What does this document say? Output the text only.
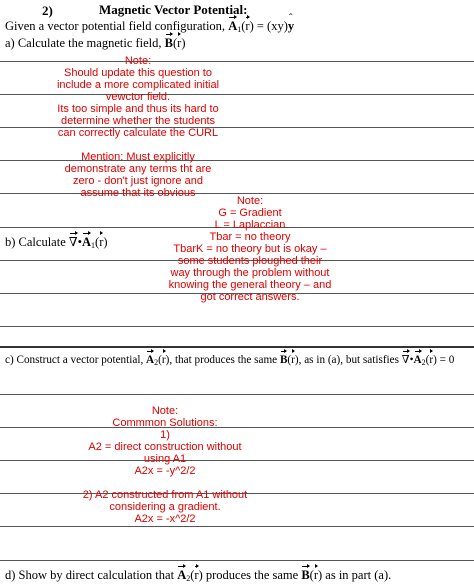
2)	Magnetic Vector Potential:
Given a vector potential field configuration, $A_1(r)$ = (xy)ˆ y
a) Calculate the magnetic field, B(r)
Note:
Should update this question to
include a more complicated initial
vewctor field.
Its too simple and thus its hard to
determine whether the students
can correctly calculate the CURL
Mention: Must explicitly
demonstrate any terms tht are
zero - don't just ignore and
assume that its obvious
b) Calculate $\nabla•A_1(r)$
Note:
G = Gradient
L = Laplaccian
Tbar = no theory
TbarK = no theory but is okay –
some students ploughed their
way through the problem without
knowing the general theory – and
got correct answers.
c) Construct a vector potential, $A_2(r)$, that produces the same B(r), as in (a), but satisfies $\nabla•A_2(r) = 0$
Note:
Commmon Solutions:
1)
A2 = direct construction without
using A1
A2x = -y^2/2
2) A2 constructed from A1 without
considering a gradient.
A2x = -x^2/2
d) Show by direct calculation that $A_2(r)$ produces the same B(r) as in part (a).
